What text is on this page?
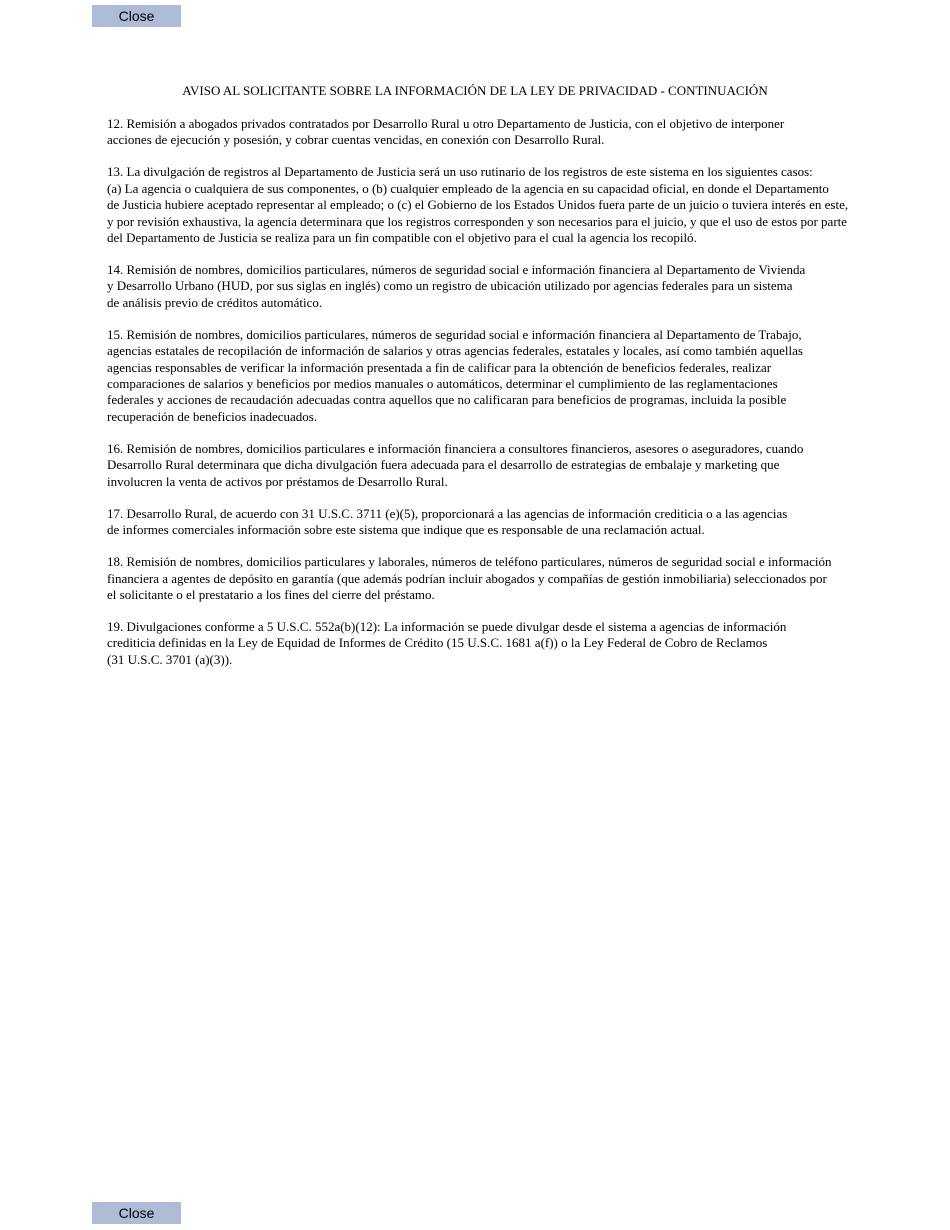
Close
AVISO AL SOLICITANTE SOBRE LA INFORMACIÓN DE LA LEY DE PRIVACIDAD - CONTINUACIÓN

12. Remisión a abogados privados contratados por Desarrollo Rural u otro Departamento de Justicia, con el objetivo de interponer
acciones de ejecución y posesión, y cobrar cuentas vencidas, en conexión con Desarrollo Rural.

13. La divulgación de registros al Departamento de Justicia será un uso rutinario de los registros de este sistema en los siguientes casos:
(a) La agencia o cualquiera de sus componentes, o (b) cualquier empleado de la agencia en su capacidad oficial, en donde el Departamento
de Justicia hubiere aceptado representar al empleado; o (c) el Gobierno de los Estados Unidos fuera parte de un juicio o tuviera interés en este,
y por revisión exhaustiva, la agencia determinara que los registros corresponden y son necesarios para el juicio, y que el uso de estos por parte
del Departamento de Justicia se realiza para un fin compatible con el objetivo para el cual la agencia los recopiló.

14. Remisión de nombres, domicilios particulares, números de seguridad social e información financiera al Departamento de Vivienda
y Desarrollo Urbano (HUD, por sus siglas en inglés) como un registro de ubicación utilizado por agencias federales para un sistema
de análisis previo de créditos automático.

15. Remisión de nombres, domicilios particulares, números de seguridad social e información financiera al Departamento de Trabajo,
agencias estatales de recopilación de información de salarios y otras agencias federales, estatales y locales, así como también aquellas
agencias responsables de verificar la información presentada a fin de calificar para la obtención de beneficios federales, realizar
comparaciones de salarios y beneficios por medios manuales o automáticos, determinar el cumplimiento de las reglamentaciones
federales y acciones de recaudación adecuadas contra aquellos que no calificaran para beneficios de programas, incluida la posible
recuperación de beneficios inadecuados.

16. Remisión de nombres, domicilios particulares e información financiera a consultores financieros, asesores o aseguradores, cuando
Desarrollo Rural determinara que dicha divulgación fuera adecuada para el desarrollo de estrategias de embalaje y marketing que
involucren la venta de activos por préstamos de Desarrollo Rural.

17. Desarrollo Rural, de acuerdo con 31 U.S.C. 3711 (e)(5), proporcionará a las agencias de información crediticia o a las agencias
de informes comerciales información sobre este sistema que indique que es responsable de una reclamación actual.

18. Remisión de nombres, domicilios particulares y laborales, números de teléfono particulares, números de seguridad social e información
financiera a agentes de depósito en garantía (que además podrían incluir abogados y compañías de gestión inmobiliaria) seleccionados por
el solicitante o el prestatario a los fines del cierre del préstamo.

19. Divulgaciones conforme a 5 U.S.C. 552a(b)(12): La información se puede divulgar desde el sistema a agencias de información
crediticia definidas en la Ley de Equidad de Informes de Crédito (15 U.S.C. 1681 a(f)) o la Ley Federal de Cobro de Reclamos
(31 U.S.C. 3701 (a)(3)).

Close
